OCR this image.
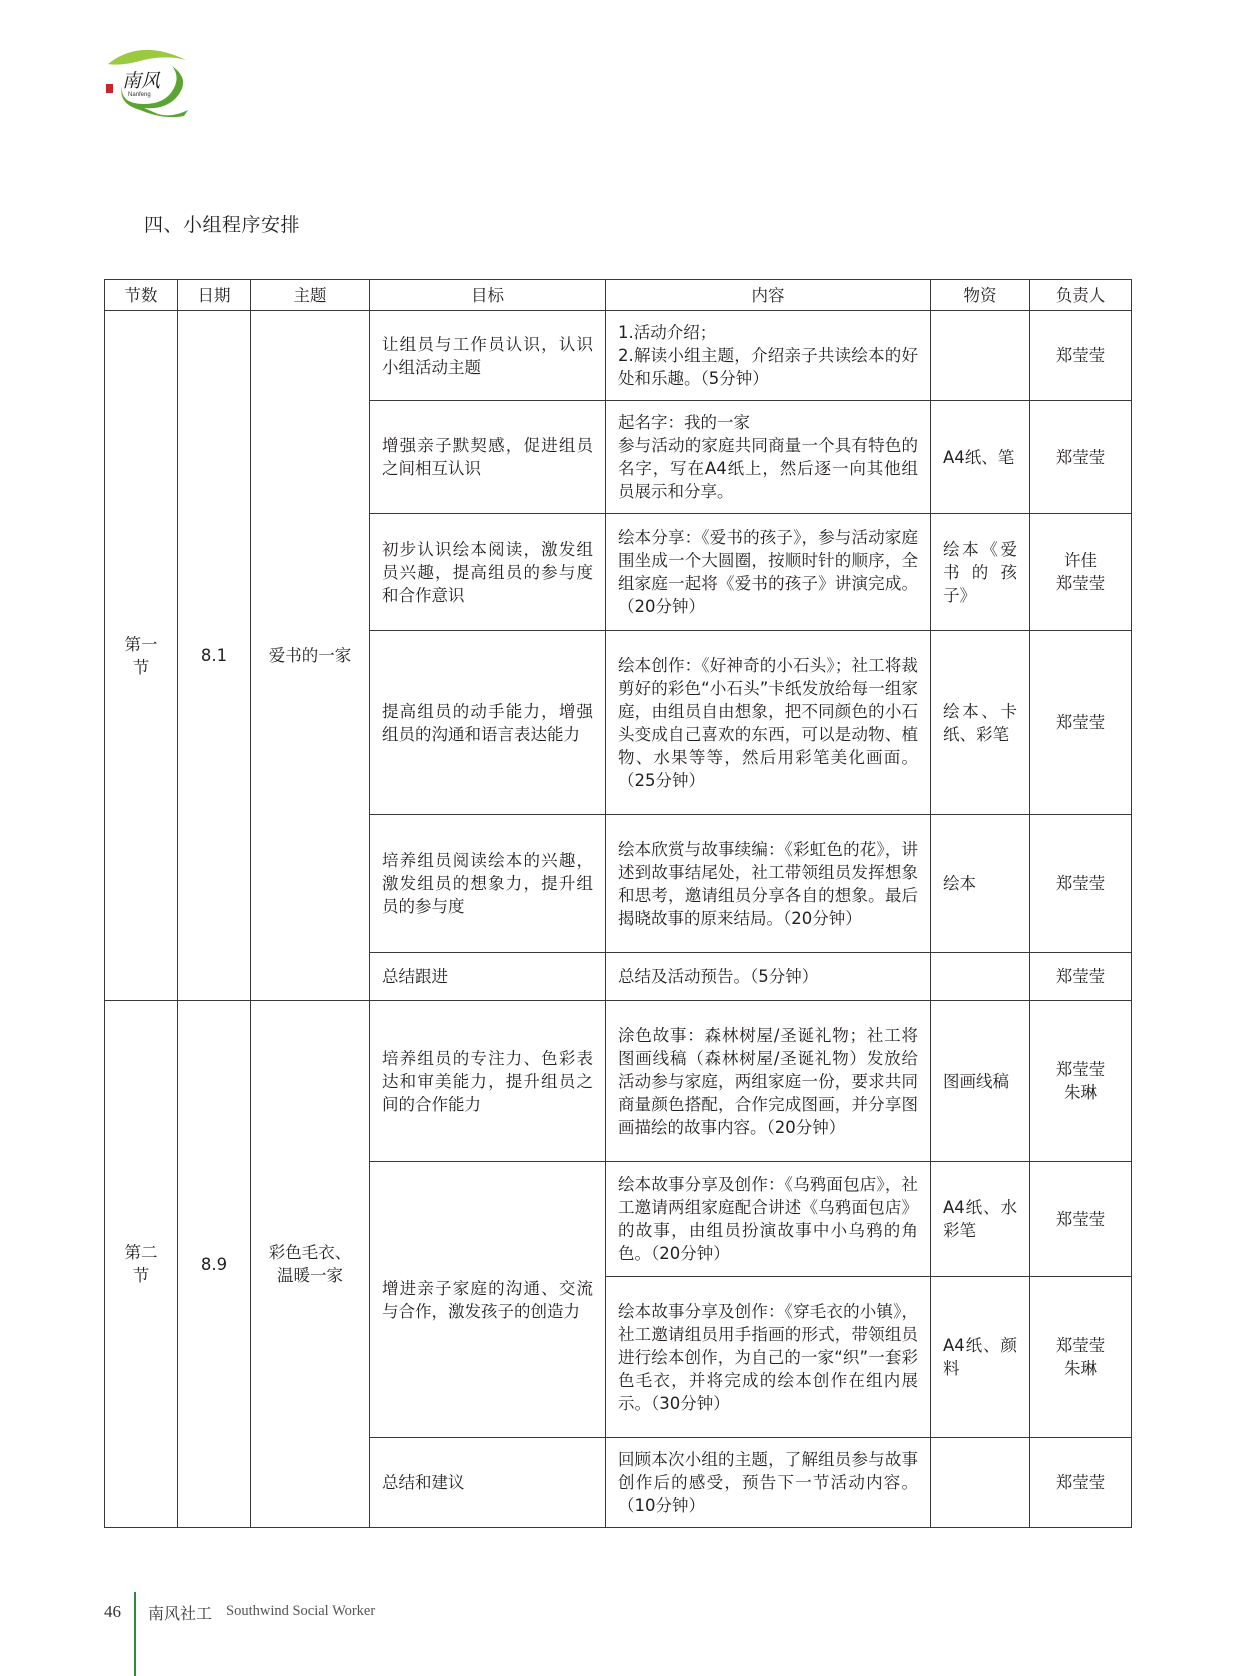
南风
Nanfeng
四、小组程序安排
节数	日期	主题	目标	内容	物资	负责人
第一节	8.1	爱书的一家	让组员与工作员认识，认识小组活动主题	1.活动介绍；
2.解读小组主题，介绍亲子共读绘本的好处和乐趣。（5分钟）		郑莹莹

			增强亲子默契感，促进组员之间相互认识	起名字：我的一家
参与活动的家庭共同商量一个具有特色的名字，写在A4纸上，然后逐一向其他组员展示和分享。	A4纸、笔	郑莹莹

			初步认识绘本阅读，激发组员兴趣，提高组员的参与度和合作意识	绘本分享：《爱书的孩子》，参与活动家庭围坐成一个大圆圈，按顺时针的顺序，全组家庭一起将《爱书的孩子》讲演完成。（20分钟）	绘本《爱书的孩子》	许佳
郑莹莹

			提高组员的动手能力，增强组员的沟通和语言表达能力	绘本创作：《好神奇的小石头》；社工将裁剪好的彩色“小石头”卡纸发放给每一组家庭，由组员自由想象，把不同颜色的小石头变成自己喜欢的东西，可以是动物、植物、水果等等，然后用彩笔美化画面。（25分钟）	绘本、卡纸、彩笔	郑莹莹

			培养组员阅读绘本的兴趣，激发组员的想象力，提升组员的参与度	绘本欣赏与故事续编：《彩虹色的花》，讲述到故事结尾处，社工带领组员发挥想象和思考，邀请组员分享各自的想象。最后揭晓故事的原来结局。（20分钟）	绘本	郑莹莹

			总结跟进	总结及活动预告。（5分钟）		郑莹莹

第二节	8.9	彩色毛衣、温暖一家	培养组员的专注力、色彩表达和审美能力，提升组员之间的合作能力	涂色故事：森林树屋/圣诞礼物；社工将图画线稿（森林树屋/圣诞礼物）发放给活动参与家庭，两组家庭一份，要求共同商量颜色搭配，合作完成图画，并分享图画描绘的故事内容。（20分钟）	图画线稿	郑莹莹
朱琳

			增进亲子家庭的沟通、交流与合作，激发孩子的创造力	绘本故事分享及创作：《乌鸦面包店》，社工邀请两组家庭配合讲述《乌鸦面包店》的故事，由组员扮演故事中小乌鸦的角色。（20分钟）	A4纸、水彩笔	郑莹莹

				绘本故事分享及创作：《穿毛衣的小镇》，社工邀请组员用手指画的形式，带领组员进行绘本创作，为自己的一家“织”一套彩色毛衣，并将完成的绘本创作在组内展示。（30分钟）	A4纸、颜料	郑莹莹
朱琳

			总结和建议	回顾本次小组的主题，了解组员参与故事创作后的感受，预告下一节活动内容。（10分钟）		郑莹莹
46 南风社工 Southwind Social Worker
